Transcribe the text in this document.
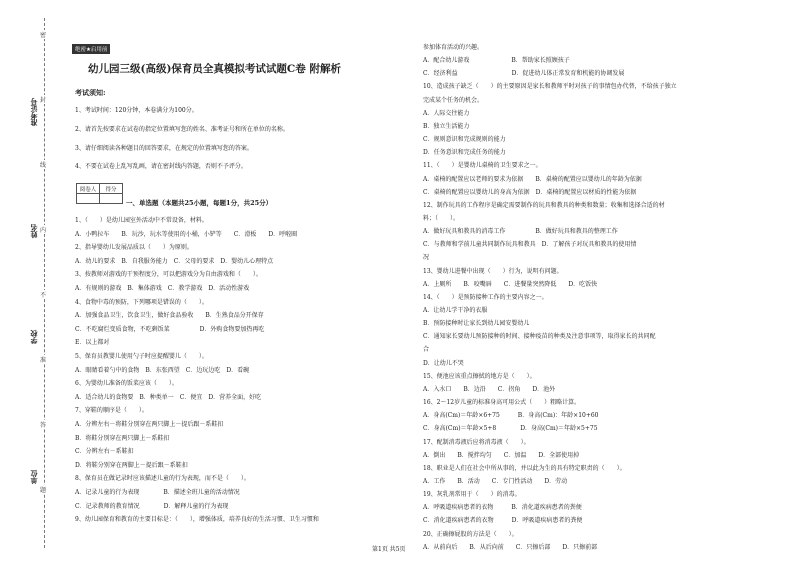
准考证号
姓名
学校
单位
密
封
线
内
不
准
答
题
绝密★启用前
幼儿园三级(高级)保育员全真模拟考试试题C卷 附解析
考试须知:
1、考试时间：120分钟，本卷满分为100分。
2、请首先按要求在试卷的指定位置填写您的姓名、准考证号和所在单位的名称。
3、请仔细阅读各种题目的回答要求，在规定的位置填写您的答案。
4、不要在试卷上乱写乱画，请在密封线内答题，否则不予评分。
阅卷人	得分

一、单选题（本题共25小题，每题1分，共25分）
1、（　　）是幼儿园室外活动中不常设备，材料。
A．小鸭拉车　　B．玩沙，玩水等使用的小桶，小铲等　　C．滑板　　D．呼啦圈
2、指导婴幼儿发展品质以（　　）为原则。
A．幼儿的要求　B．自我服务能力　C．父母的要求　D．婴幼儿心理特点
3、按教师对游戏的干预程度分，可以把游戏分为自由游戏和（　　）。
A．有规则的游戏　B．集体游戏　C．教学游戏　D．活动性游戏
4、食物中毒的预防，下列哪项是错误的（　　）。
A．加强食品卫生，饮食卫生，做好食品验收　　B．生熟食品分开保存
C．不吃腐烂变质食物，不吃剩饭菜　　　　　D．外购食物要加热再吃
E．以上都对
5、保育员教婴儿使用勺子时应提醒婴儿（　　）。
A．眼睛看着勺中的食物　B．东张西望　C．边玩边吃　D．看碗
6、为婴幼儿准备的饭菜应该（　　）。
A．适合幼儿的食物要　B．种类单一　C．便宜　D．营养全面，好吃
7、穿鞋的顺序是（　　）。
A．分辨左右－将鞋分别穿在两只脚上－提后跟－系鞋扣
B．将鞋分别穿在两只脚上－系鞋扣
C．分辨左右－系鞋扣
D．将鞋分别穿在两脚上－提后跟－系鞋扣
8、保育员在做记录时应该描述儿童的行为表现，而不是（　　）。
A．记录儿童的行为表现　　　　B．描述全班儿童的活动情况
C．记录教师的教育情况　　　　D．解释儿童的行为表现
9、幼儿园保育和教育的主要目标是：（　　），增强体质，培养良好的生活习惯、卫生习惯和
参加体育活动的兴趣。
A．配合幼儿游戏　　　　　　　B．帮助家长照顾孩子
C．经济利益　　　　　　　　　D．促进幼儿体正常发育和机能的协调发展
10、造成孩子缺乏（　　）的主要原因是家长和教师平时对孩子的事情包办代替，不给孩子独立
完成某个任务的机会。
A．人际交往能力
B．独立生活能力
C．规则意识和完成规则的能力
D．任务意识和完成任务的能力
11、（　　）是婴幼儿桌椅的卫生要求之一。
A．桌椅的配置应以老师的要求为依据　　B．桌椅的配置应以婴幼儿的年龄为依据
C．桌椅的配置应以婴幼儿的身高为依据　D．桌椅的配置应以材质的性能为依据
12、制作玩具的工作程序是确定需要制作的玩具和教具的种类和数量；收集和选择合适的材
料；（　　）。
A．做好玩具和教具的消毒工作　　　　　B．做好玩具和教具的整理工作
C．与教师和学前儿童共同制作玩具和教具　D．了解孩子对玩具和教具的使用情
况
13、婴幼儿进餐中出现（　　）行为，说明有问题。
A．上厕所　　B．咬嘴唇　　C．进餐量突然降低　　D．吃饭快
14、（　　）是预防接种工作的主要内容之一。
A．让幼儿学干净的衣服
B．预防接种时让家长到幼儿园安婴幼儿
C．通知家长要幼儿预防接种的时间、接种疫苗的种类及注意事项等，取得家长的共同配
合
D．让幼儿不哭
15、便池应该重点擦拭的地方是（　　）。
A．入水口　　B．边沿　　C．拐角　　D．池外
16、2～12岁儿童的标准身高可用公式（　　）粗略计算。
A．身高(Cm)＝年龄×6+75　　　B．身高(Cm)：年龄×10+60
C．身高(Cm)＝年龄×5+8　　　　D．身高(Cm)＝年龄×5+75
17、配制消毒液后应将消毒液（　　）。
A．倒出　　B．搅拌均匀　　C．加温　　D．全部使用掉
18、职业是人们在社会中所从事的，并以此为生的具有特定职责的（　　）。
A．工作　　B．活动　　C．专门性活动　　D．劳动
19、灰乳剂常用于（　　）的消毒。
A．呼吸道疾病患者的衣物　　　B．消化道疾病患者的粪便
C．消化道疾病患者的衣物　　　D．呼吸道疾病患者的粪便
20、正确擦屁股的方法是（　　）。
A．从前向后　　B．从后向前　　C．只擦后部　　D．只擦前部
第1页 共5页
